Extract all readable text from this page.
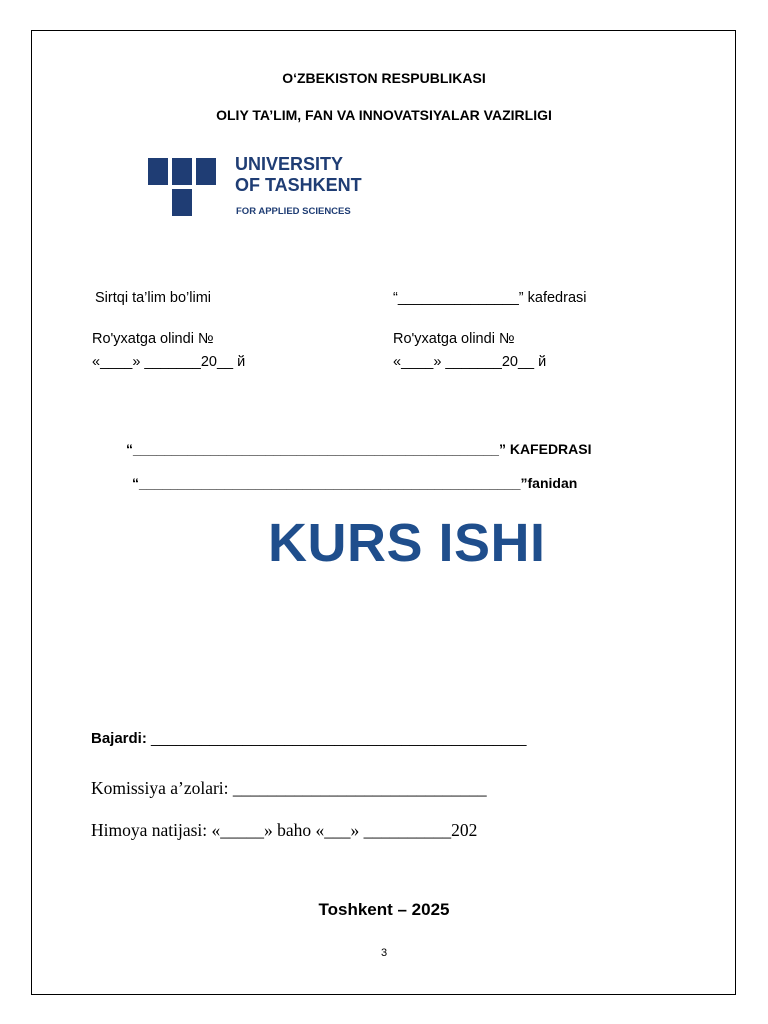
O‘ZBEKISTON RESPUBLIKASI
OLIY TA’LIM, FAN VA INNOVATSIYALAR VAZIRLIGI
UNIVERSITY
OF TASHKENT
FOR APPLIED SCIENCES
Sirtqi ta’lim bo’limi	“_______________” kafedrasi
Ro'yxatga olindi №	Ro'yxatga olindi №
«____» _______20__ й	«____» _______20__ й
“_______________________________________________” KAFEDRASI
“_________________________________________________”fanidan
KURS ISHI
Bajardi: _____________________________________________
Komissiya a’zolari: _____________________________
Himoya natijasi: «_____» baho «___» __________202
Toshkent – 2025
3
